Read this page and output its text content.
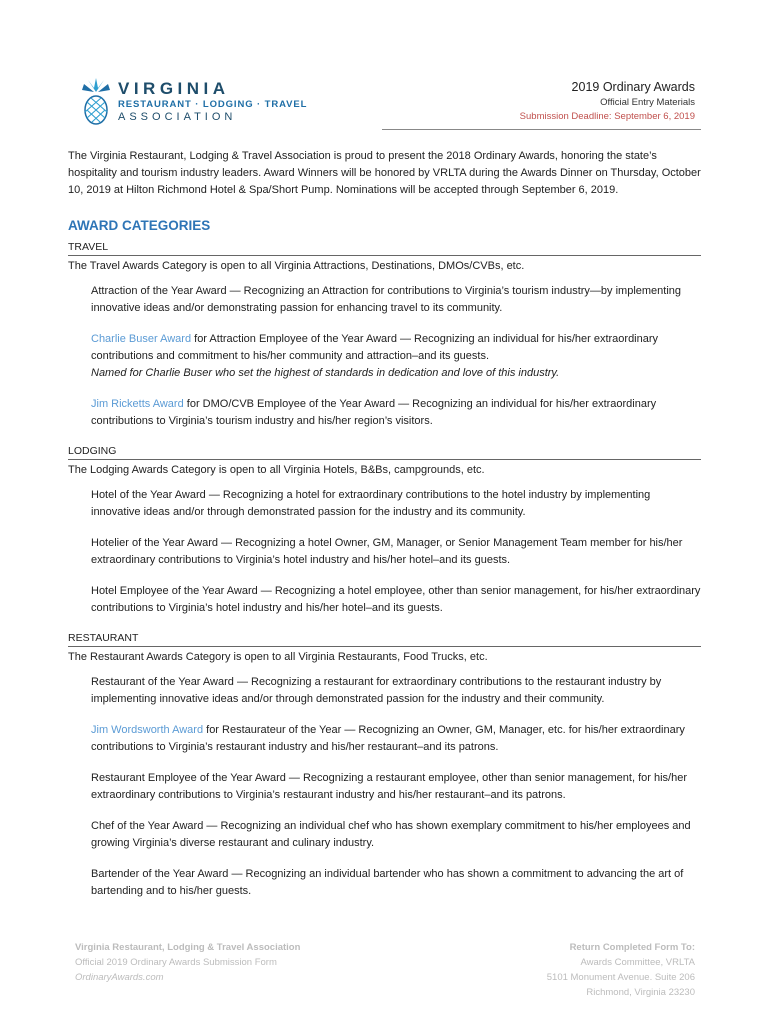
VIRGINIA
RESTAURANT · LODGING · TRAVEL
ASSOCIATION
2019 Ordinary Awards
Official Entry Materials
Submission Deadline: September 6, 2019

The Virginia Restaurant, Lodging & Travel Association is proud to present the 2018 Ordinary Awards, honoring the state’s hospitality and tourism industry leaders. Award Winners will be honored by VRLTA during the Awards Dinner on Thursday, October 10, 2019 at Hilton Richmond Hotel & Spa/Short Pump. Nominations will be accepted through September 6, 2019.

AWARD CATEGORIES
TRAVEL

The Travel Awards Category is open to all Virginia Attractions, Destinations, DMOs/CVBs, etc.

Attraction of the Year Award — Recognizing an Attraction for contributions to Virginia’s tourism industry—by implementing innovative ideas and/or demonstrating passion for enhancing travel to its community.

Charlie Buser Award for Attraction Employee of the Year Award — Recognizing an individual for his/her extraordinary contributions and commitment to his/her community and attraction–and its guests.
Named for Charlie Buser who set the highest of standards in dedication and love of this industry.

Jim Ricketts Award for DMO/CVB Employee of the Year Award — Recognizing an individual for his/her extraordinary contributions to Virginia’s tourism industry and his/her region’s visitors.

LODGING

The Lodging Awards Category is open to all Virginia Hotels, B&Bs, campgrounds, etc.

Hotel of the Year Award — Recognizing a hotel for extraordinary contributions to the hotel industry by implementing innovative ideas and/or through demonstrated passion for the industry and its community.

Hotelier of the Year Award — Recognizing a hotel Owner, GM, Manager, or Senior Management Team member for his/her extraordinary contributions to Virginia’s hotel industry and his/her hotel–and its guests.

Hotel Employee of the Year Award — Recognizing a hotel employee, other than senior management, for his/her extraordinary contributions to Virginia’s hotel industry and his/her hotel–and its guests.

RESTAURANT

The Restaurant Awards Category is open to all Virginia Restaurants, Food Trucks, etc.

Restaurant of the Year Award — Recognizing a restaurant for extraordinary contributions to the restaurant industry by implementing innovative ideas and/or through demonstrated passion for the industry and their community.

Jim Wordsworth Award for Restaurateur of the Year — Recognizing an Owner, GM, Manager, etc. for his/her extraordinary contributions to Virginia’s restaurant industry and his/her restaurant–and its patrons.

Restaurant Employee of the Year Award — Recognizing a restaurant employee, other than senior management, for his/her extraordinary contributions to Virginia’s restaurant industry and his/her restaurant–and its patrons.

Chef of the Year Award — Recognizing an individual chef who has shown exemplary commitment to his/her employees and growing Virginia’s diverse restaurant and culinary industry.

Bartender of the Year Award — Recognizing an individual bartender who has shown a commitment to advancing the art of bartending and to his/her guests.

Virginia Restaurant, Lodging & Travel Association
Official 2019 Ordinary Awards Submission Form
OrdinaryAwards.com
Return Completed Form To:
Awards Committee, VRLTA
5101 Monument Avenue. Suite 206
Richmond, Virginia 23230
